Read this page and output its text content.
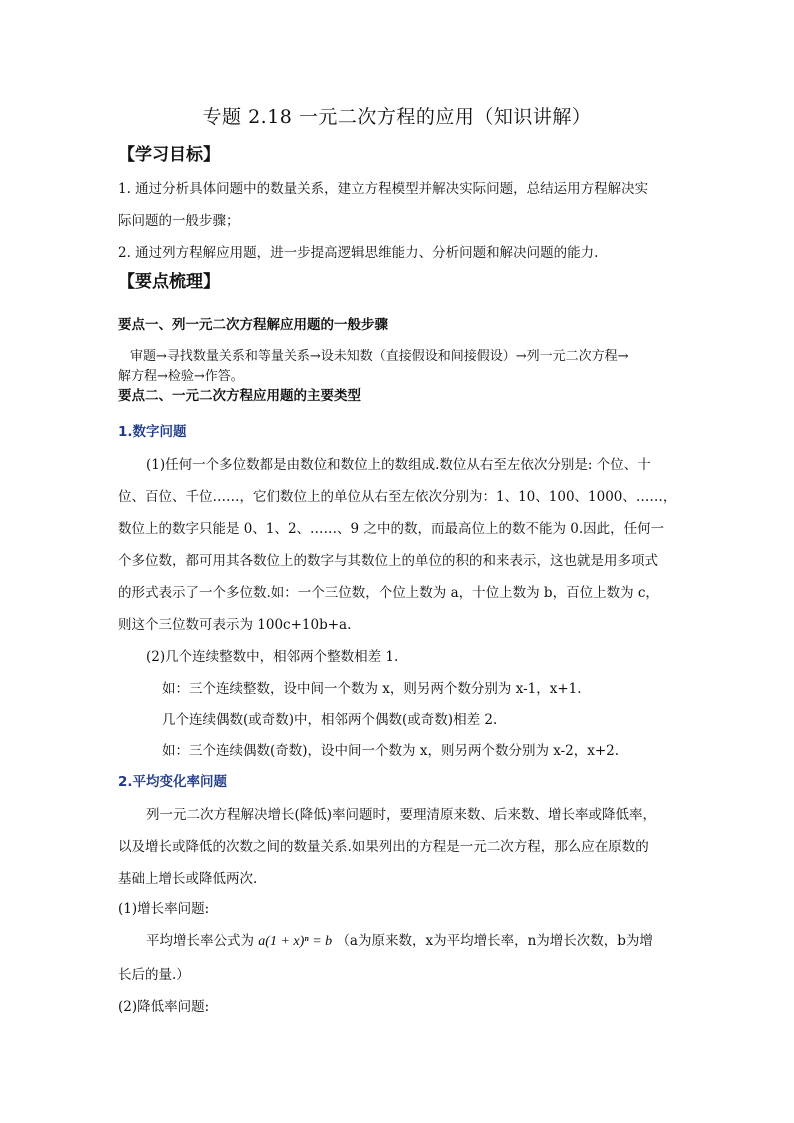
专题 2.18 一元二次方程的应用（知识讲解）
【学习目标】
1. 通过分析具体问题中的数量关系，建立方程模型并解决实际问题，总结运用方程解决实
际问题的一般步骤；
2. 通过列方程解应用题，进一步提高逻辑思维能力、分析问题和解决问题的能力.
【要点梳理】
要点一、列一元二次方程解应用题的一般步骤
审题→寻找数量关系和等量关系→设未知数（直接假设和间接假设）→列一元二次方程→
解方程→检验→作答。
要点二、一元二次方程应用题的主要类型
1.数字问题
(1)任何一个多位数都是由数位和数位上的数组成.数位从右至左依次分别是: 个位、十
位、百位、千位……，它们数位上的单位从右至左依次分别为：1、10、100、1000、……，
数位上的数字只能是 0、1、2、……、9 之中的数，而最高位上的数不能为 0.因此，任何一
个多位数，都可用其各数位上的数字与其数位上的单位的积的和来表示，这也就是用多项式
的形式表示了一个多位数.如：一个三位数，个位上数为 a，十位上数为 b，百位上数为 c，
则这个三位数可表示为 100c+10b+a.
(2)几个连续整数中，相邻两个整数相差 1.
如：三个连续整数，设中间一个数为 x，则另两个数分别为 x-1，x+1.
几个连续偶数(或奇数)中，相邻两个偶数(或奇数)相差 2.
如：三个连续偶数(奇数)，设中间一个数为 x，则另两个数分别为 x-2，x+2.
2.平均变化率问题
列一元二次方程解决增长(降低)率问题时，要理清原来数、后来数、增长率或降低率，
以及增长或降低的次数之间的数量关系.如果列出的方程是一元二次方程，那么应在原数的
基础上增长或降低两次.
(1)增长率问题:
平均增长率公式为 a(1 + x)ⁿ = b （a为原来数，x为平均增长率，n为增长次数，b为增
长后的量.）
(2)降低率问题:
